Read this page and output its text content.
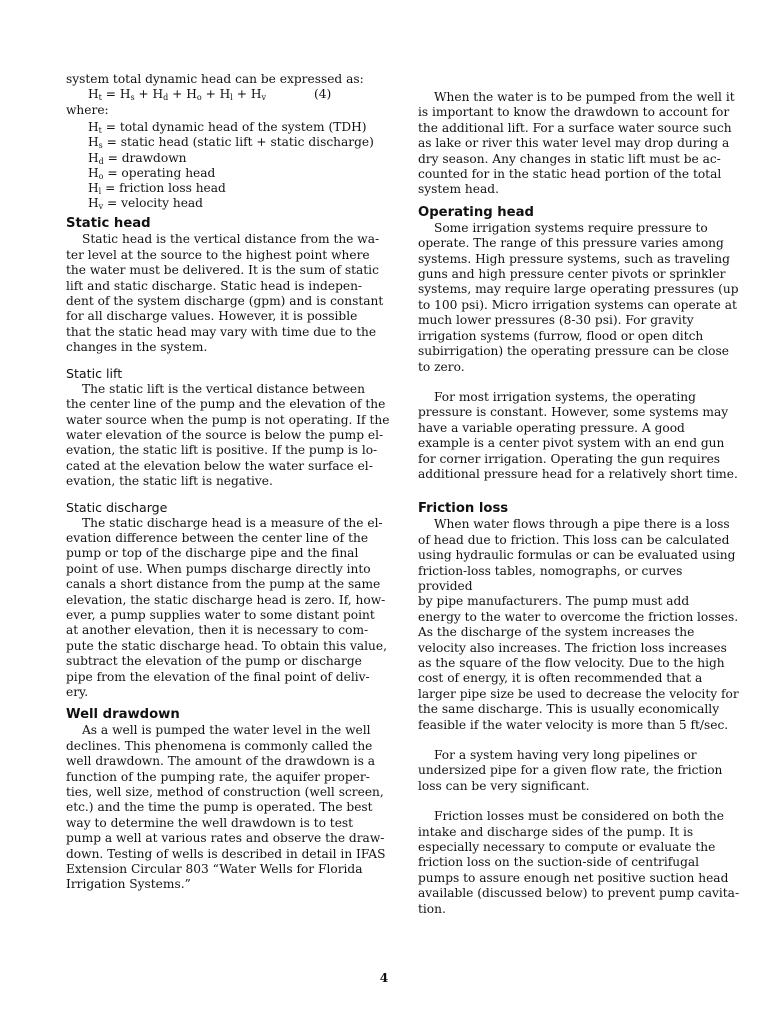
system total dynamic head can be expressed as:

$H_t = H_s + H_d + H_o + H_l + H_v$	(4)

where:

$H_t$ = total dynamic head of the system (TDH)
$H_s$ = static head (static lift + static discharge)
$H_d$ = drawdown
$H_o$ = operating head
$H_l$ = friction loss head
$H_v$ = velocity head
Static head

Static head is the vertical distance from the wa-
ter level at the source to the highest point where
the water must be delivered. It is the sum of static
lift and static discharge. Static head is indepen-
dent of the system discharge (gpm) and is constant
for all discharge values. However, it is possible
that the static head may vary with time due to the
changes in the system.

Static lift

The static lift is the vertical distance between
the center line of the pump and the elevation of the
water source when the pump is not operating. If the
water elevation of the source is below the pump el-
evation, the static lift is positive. If the pump is lo-
cated at the elevation below the water surface el-
evation, the static lift is negative.

Static discharge

The static discharge head is a measure of the el-
evation difference between the center line of the
pump or top of the discharge pipe and the final
point of use. When pumps discharge directly into
canals a short distance from the pump at the same
elevation, the static discharge head is zero. If, how-
ever, a pump supplies water to some distant point
at another elevation, then it is necessary to com-
pute the static discharge head. To obtain this value,
subtract the elevation of the pump or discharge
pipe from the elevation of the final point of deliv-
ery.

Well drawdown

As a well is pumped the water level in the well
declines. This phenomena is commonly called the
well drawdown. The amount of the drawdown is a
function of the pumping rate, the aquifer proper-
ties, well size, method of construction (well screen,
etc.) and the time the pump is operated. The best
way to determine the well drawdown is to test
pump a well at various rates and observe the draw-
down. Testing of wells is described in detail in IFAS
Extension Circular 803 “Water Wells for Florida
Irrigation Systems.”

When the water is to be pumped from the well it
is important to know the drawdown to account for
the additional lift. For a surface water source such
as lake or river this water level may drop during a
dry season. Any changes in static lift must be ac-
counted for in the static head portion of the total
system head.

Operating head

Some irrigation systems require pressure to
operate. The range of this pressure varies among
systems. High pressure systems, such as traveling
guns and high pressure center pivots or sprinkler
systems, may require large operating pressures (up
to 100 psi). Micro irrigation systems can operate at
much lower pressures (8-30 psi). For gravity
irrigation systems (furrow, flood or open ditch
subirrigation) the operating pressure can be close
to zero.

For most irrigation systems, the operating
pressure is constant. However, some systems may
have a variable operating pressure. A good
example is a center pivot system with an end gun
for corner irrigation. Operating the gun requires
additional pressure head for a relatively short time.

Friction loss

When water flows through a pipe there is a loss
of head due to friction. This loss can be calculated
using hydraulic formulas or can be evaluated using
friction-loss tables, nomographs, or curves provided
by pipe manufacturers. The pump must add
energy to the water to overcome the friction losses.
As the discharge of the system increases the
velocity also increases. The friction loss increases
as the square of the flow velocity. Due to the high
cost of energy, it is often recommended that a
larger pipe size be used to decrease the velocity for
the same discharge. This is usually economically
feasible if the water velocity is more than 5 ft/sec.

For a system having very long pipelines or
undersized pipe for a given flow rate, the friction
loss can be very significant.

Friction losses must be considered on both the
intake and discharge sides of the pump. It is
especially necessary to compute or evaluate the
friction loss on the suction-side of centrifugal
pumps to assure enough net positive suction head
available (discussed below) to prevent pump cavita-
tion.

4
